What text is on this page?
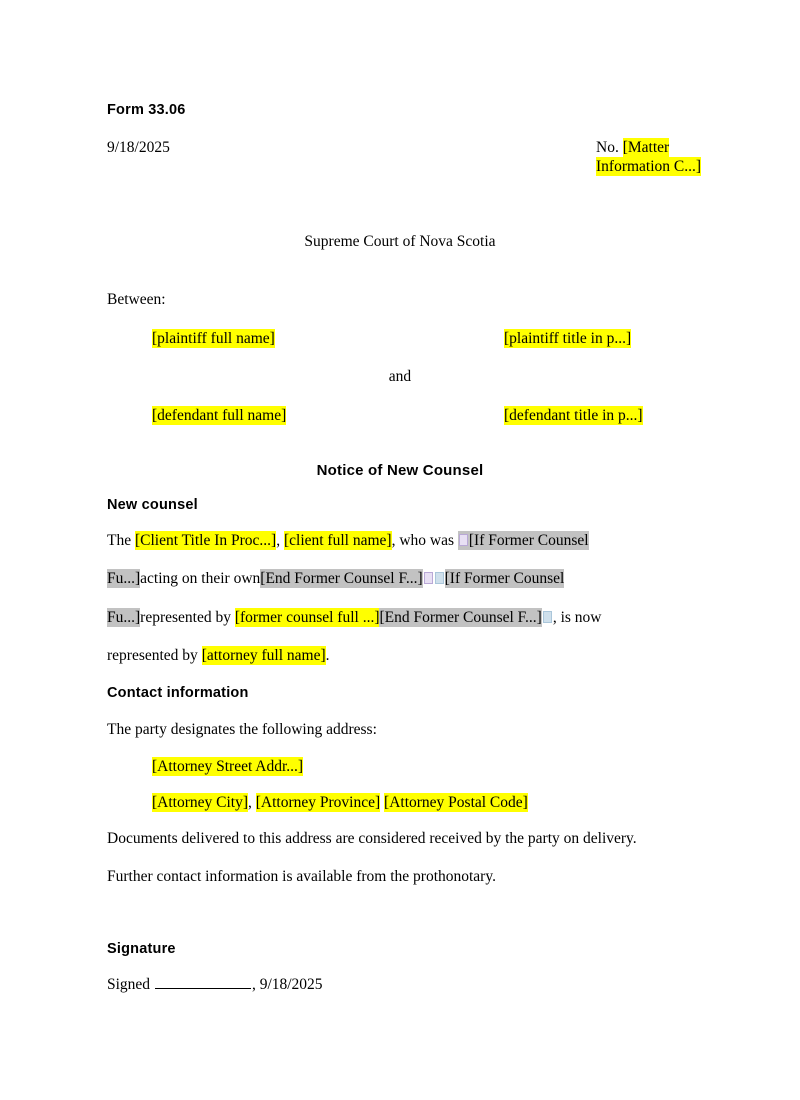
Form 33.06
9/18/2025	No. [Matter Information C...]
Supreme Court of Nova Scotia
Between:
[plaintiff full name]	[plaintiff title in p...]
and
[defendant full name]	[defendant title in p...]
Notice of New Counsel
New counsel
The [Client Title In Proc...], [client full name], who was [If Former Counsel
Fu...]acting on their own[End Former Counsel F...] [If Former Counsel
Fu...]represented by [former counsel full ...][End Former Counsel F...] , is now
represented by [attorney full name].
Contact information
The party designates the following address:
[Attorney Street Addr...]
[Attorney City], [Attorney Province] [Attorney Postal Code]
Documents delivered to this address are considered received by the party on delivery.
Further contact information is available from the prothonotary.
Signature
Signed	, 9/18/2025
